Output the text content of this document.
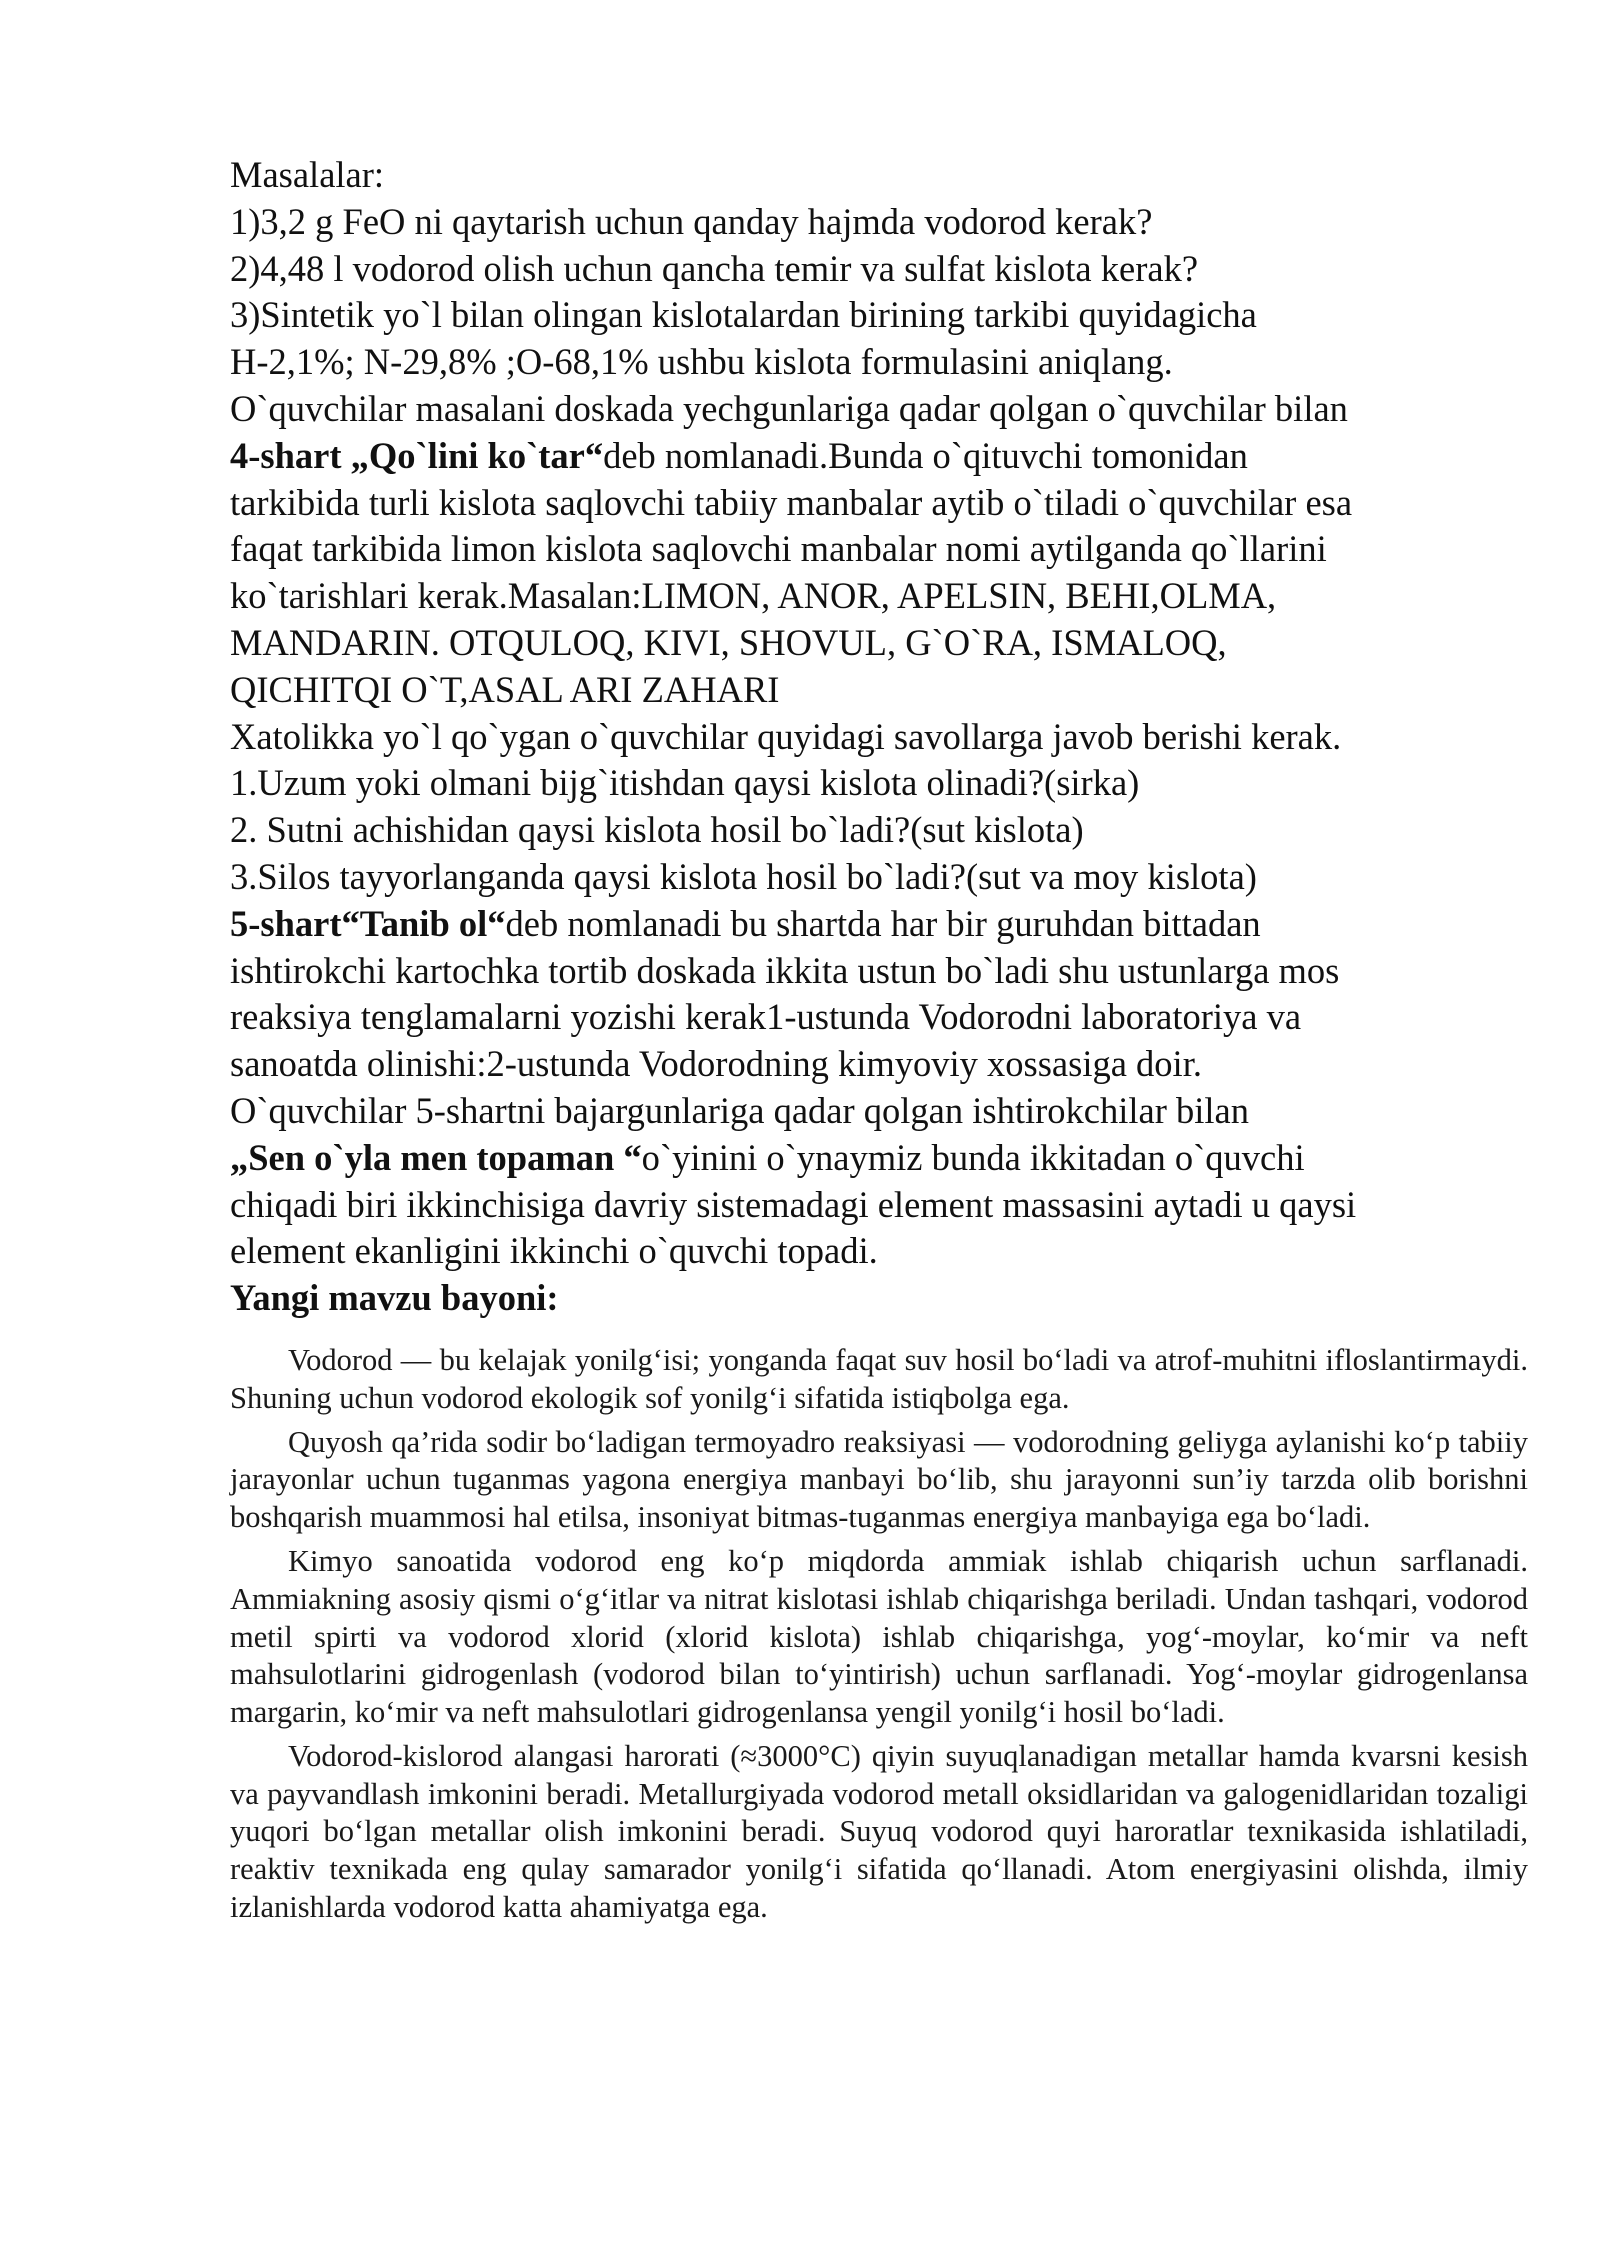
Masalalar:
1)3,2 g FeO ni qaytarish uchun qanday hajmda vodorod kerak?
2)4,48 l vodorod olish uchun qancha temir va sulfat kislota kerak?
3)Sintetik yo`l bilan olingan kislotalardan birining tarkibi quyidagicha
H-2,1%; N-29,8% ;O-68,1% ushbu kislota formulasini aniqlang.
O`quvchilar masalani doskada yechgunlariga qadar qolgan o`quvchilar bilan
4-shart „Qo`lini ko`tar“deb nomlanadi.Bunda o`qituvchi tomonidan
tarkibida turli kislota saqlovchi tabiiy manbalar aytib o`tiladi o`quvchilar esa
faqat tarkibida limon kislota saqlovchi manbalar nomi aytilganda qo`llarini
ko`tarishlari kerak.Masalan:LIMON, ANOR, APELSIN, BEHI,OLMA,
MANDARIN. OTQULOQ, KIVI, SHOVUL, G`O`RA, ISMALOQ,
QICHITQI O`T,ASAL ARI ZAHARI
Xatolikka yo`l qo`ygan o`quvchilar quyidagi savollarga javob berishi kerak.
1.Uzum yoki olmani bijg`itishdan qaysi kislota olinadi?(sirka)
2. Sutni achishidan qaysi kislota hosil bo`ladi?(sut kislota)
3.Silos tayyorlanganda qaysi kislota hosil bo`ladi?(sut va moy kislota)
5-shart“Tanib ol“deb nomlanadi bu shartda har bir guruhdan bittadan
ishtirokchi kartochka tortib doskada ikkita ustun bo`ladi shu ustunlarga mos
reaksiya tenglamalarni yozishi kerak1-ustunda Vodorodni laboratoriya va
sanoatda olinishi:2-ustunda Vodorodning kimyoviy xossasiga doir.
O`quvchilar 5-shartni bajargunlariga qadar qolgan ishtirokchilar bilan
„Sen o`yla men topaman “o`yinini o`ynaymiz bunda ikkitadan o`quvchi
chiqadi biri ikkinchisiga davriy sistemadagi element massasini aytadi u qaysi
element ekanligini ikkinchi o`quvchi topadi.
Yangi mavzu bayoni:

Vodorod — bu kelajak yonilg‘isi; yonganda faqat suv hosil bo‘ladi va atrof-muhitni ifloslantirmaydi. Shuning uchun vodorod ekologik sof yonilg‘i sifatida istiqbolga ega.

Quyosh qa’rida sodir bo‘ladigan termoyadro reaksiyasi — vodorodning geliyga aylanishi ko‘p tabiiy jarayonlar uchun tuganmas yagona energiya manbayi bo‘lib, shu jarayonni sun’iy tarzda olib borishni boshqarish muammosi hal etilsa, insoniyat bitmas-tuganmas energiya manbayiga ega bo‘ladi.

Kimyo sanoatida vodorod eng ko‘p miqdorda ammiak ishlab chiqarish uchun sarflanadi. Ammiakning asosiy qismi o‘g‘itlar va nitrat kislotasi ishlab chiqarishga beriladi. Undan tashqari, vodorod metil spirti va vodorod xlorid (xlorid kislota) ishlab chiqarishga, yog‘-moylar, ko‘mir va neft mahsulotlarini gidrogenlash (vodorod bilan to‘yintirish) uchun sarflanadi. Yog‘-moylar gidrogenlansa margarin, ko‘mir va neft mahsulotlari gidrogenlansa yengil yonilg‘i hosil bo‘ladi.

Vodorod-kislorod alangasi harorati (≈3000°C) qiyin suyuqlanadigan metallar hamda kvarsni kesish va payvandlash imkonini beradi. Metallurgiyada vodorod metall oksidlaridan va galogenidlaridan tozaligi yuqori bo‘lgan metallar olish imkonini beradi. Suyuq vodorod quyi haroratlar texnikasida ishlatiladi, reaktiv texnikada eng qulay samarador yonilg‘i sifatida qo‘llanadi. Atom energiyasini olishda, ilmiy izlanishlarda vodorod katta ahamiyatga ega.
